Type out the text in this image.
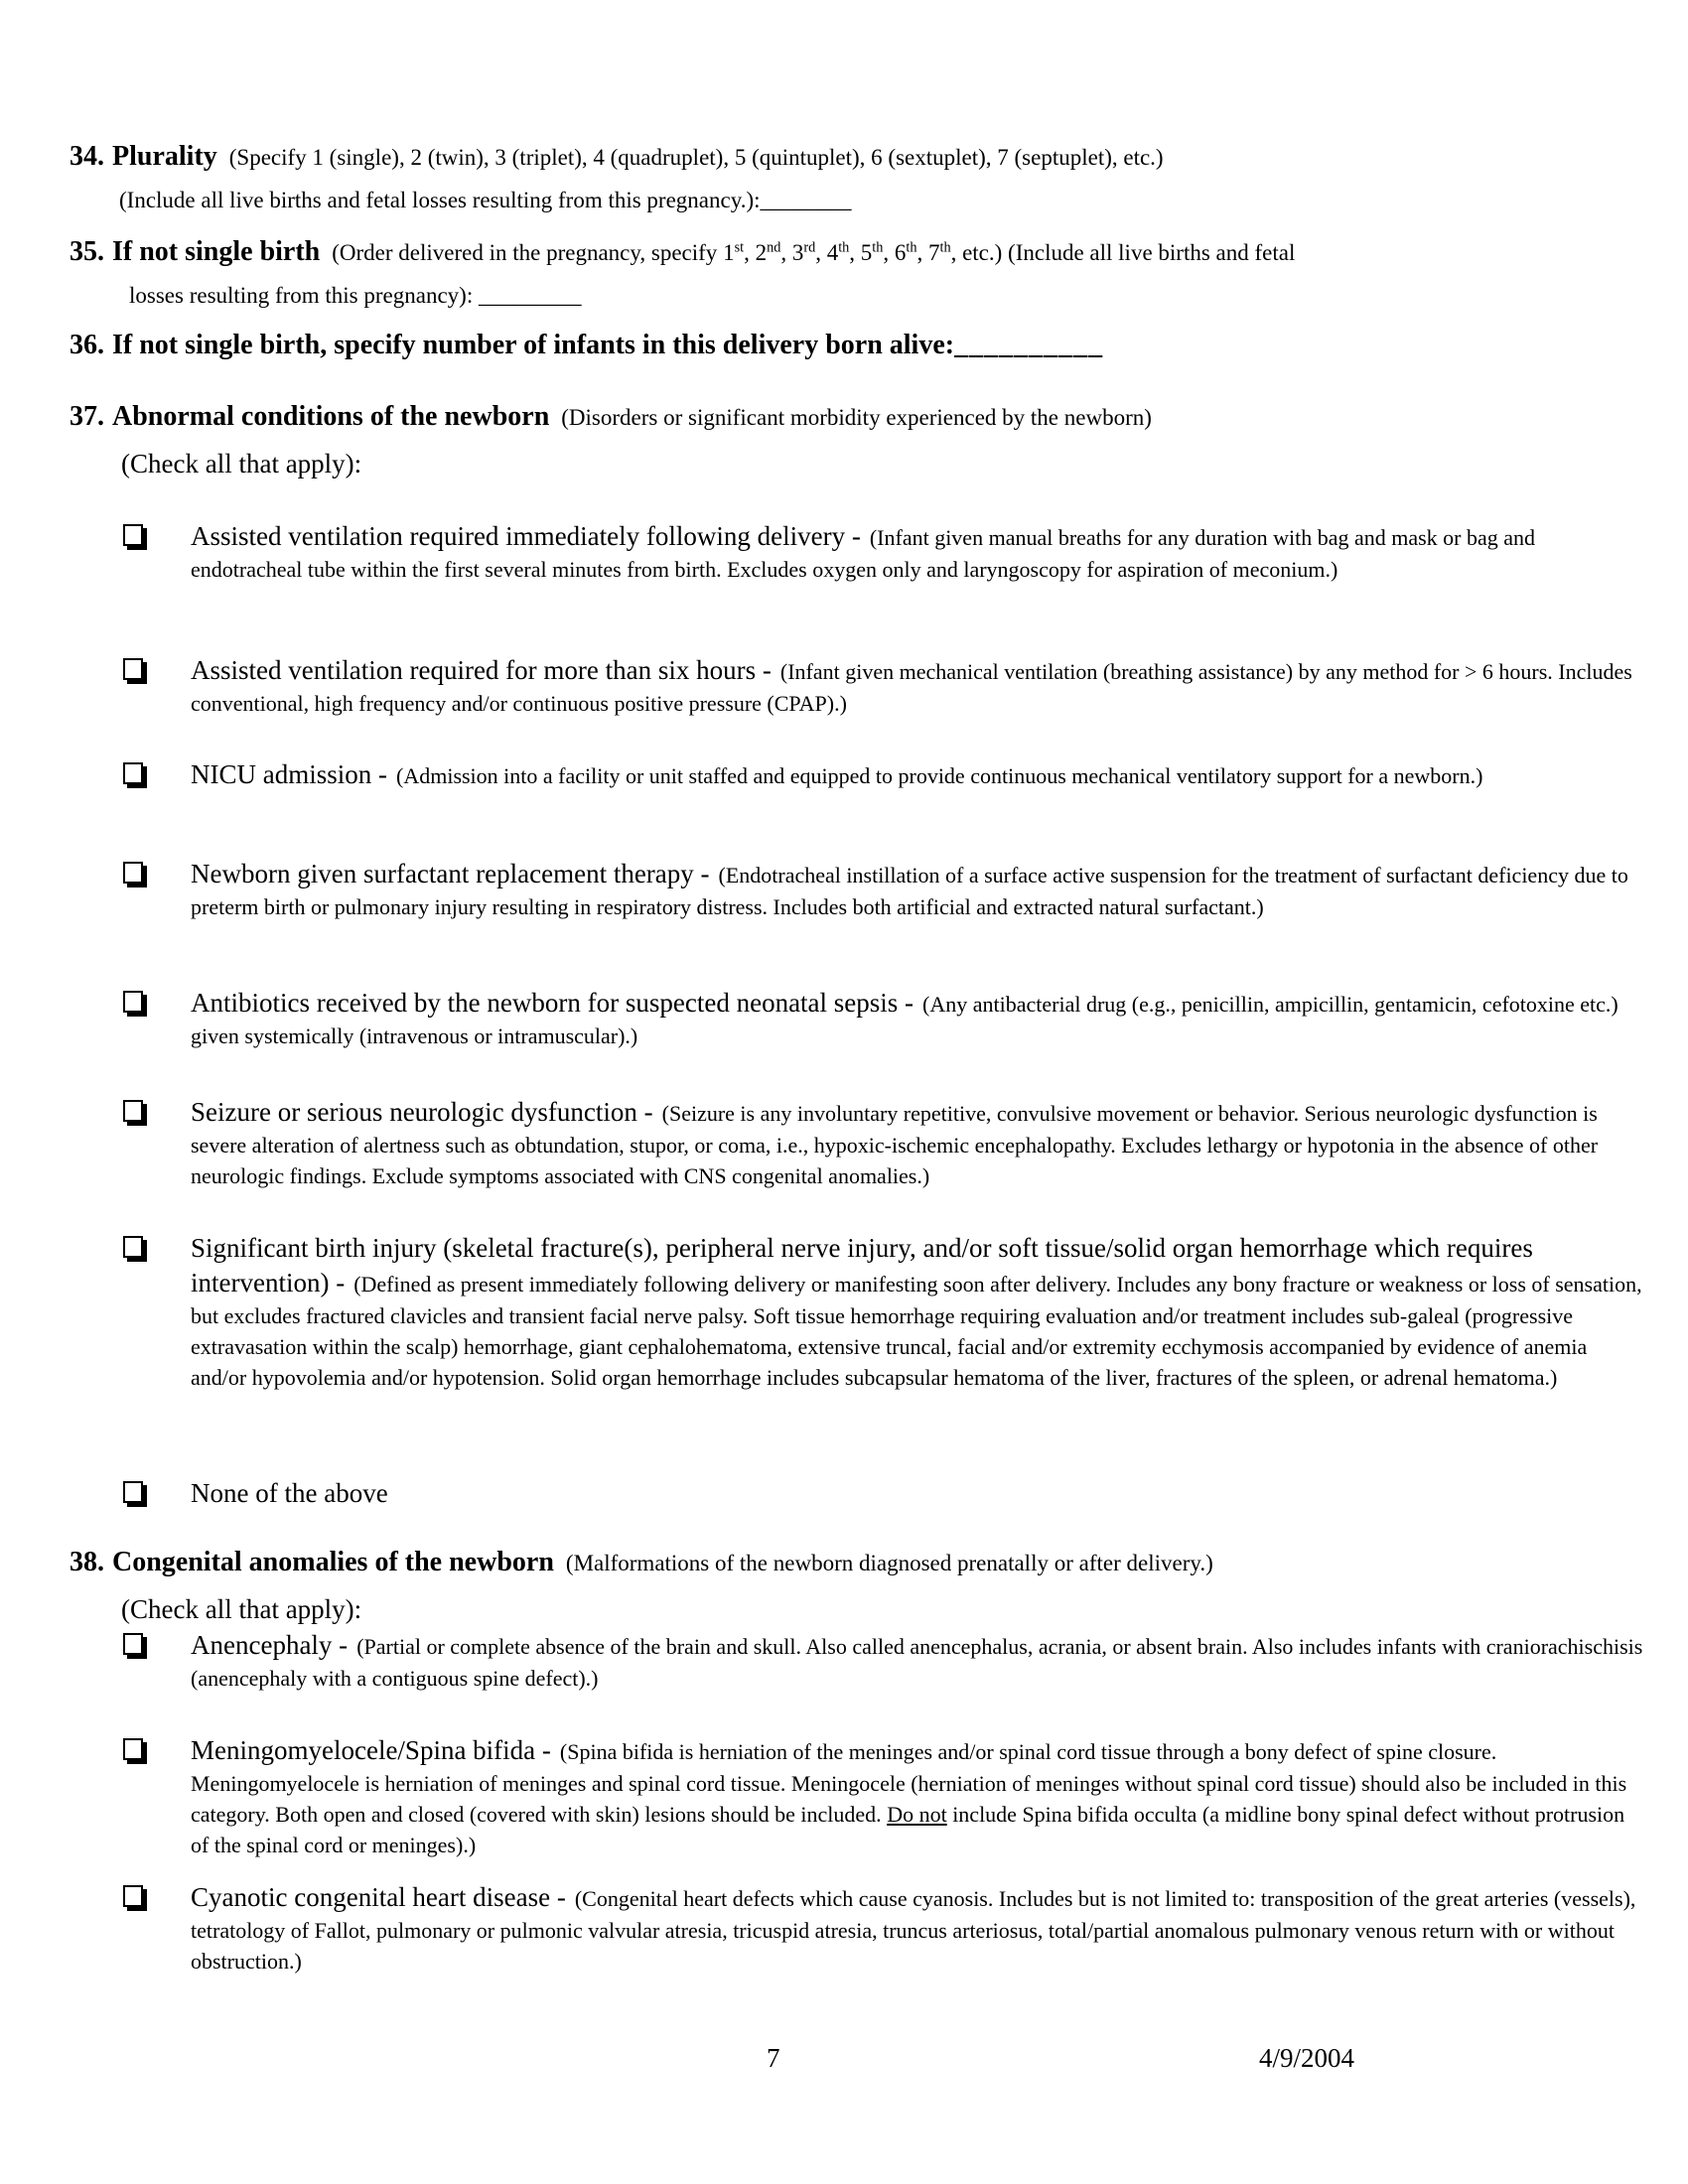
34. Plurality (Specify 1 (single), 2 (twin), 3 (triplet), 4 (quadruplet), 5 (quintuplet), 6 (sextuplet), 7 (septuplet), etc.)
(Include all live births and fetal losses resulting from this pregnancy.):________
35. If not single birth (Order delivered in the pregnancy, specify 1st, 2nd, 3rd, 4th, 5th, 6th, 7th, etc.) (Include all live births and fetal
losses resulting from this pregnancy): _________
36. If not single birth, specify number of infants in this delivery born alive:__________
37. Abnormal conditions of the newborn (Disorders or significant morbidity experienced by the newborn)
(Check all that apply):
Assisted ventilation required immediately following delivery - (Infant given manual breaths for any duration with bag and mask or bag and endotracheal tube within the first several minutes from birth. Excludes oxygen only and laryngoscopy for aspiration of meconium.)
Assisted ventilation required for more than six hours - (Infant given mechanical ventilation (breathing assistance) by any method for > 6 hours. Includes conventional, high frequency and/or continuous positive pressure (CPAP).)
NICU admission - (Admission into a facility or unit staffed and equipped to provide continuous mechanical ventilatory support for a newborn.)
Newborn given surfactant replacement therapy - (Endotracheal instillation of a surface active suspension for the treatment of surfactant deficiency due to preterm birth or pulmonary injury resulting in respiratory distress. Includes both artificial and extracted natural surfactant.)
Antibiotics received by the newborn for suspected neonatal sepsis - (Any antibacterial drug (e.g., penicillin, ampicillin, gentamicin, cefotoxine etc.) given systemically (intravenous or intramuscular).)
Seizure or serious neurologic dysfunction - (Seizure is any involuntary repetitive, convulsive movement or behavior. Serious neurologic dysfunction is severe alteration of alertness such as obtundation, stupor, or coma, i.e., hypoxic-ischemic encephalopathy. Excludes lethargy or hypotonia in the absence of other neurologic findings. Exclude symptoms associated with CNS congenital anomalies.)
Significant birth injury (skeletal fracture(s), peripheral nerve injury, and/or soft tissue/solid organ hemorrhage which requires intervention) - (Defined as present immediately following delivery or manifesting soon after delivery. Includes any bony fracture or weakness or loss of sensation, but excludes fractured clavicles and transient facial nerve palsy. Soft tissue hemorrhage requiring evaluation and/or treatment includes sub-galeal (progressive extravasation within the scalp) hemorrhage, giant cephalohematoma, extensive truncal, facial and/or extremity ecchymosis accompanied by evidence of anemia and/or hypovolemia and/or hypotension. Solid organ hemorrhage includes subcapsular hematoma of the liver, fractures of the spleen, or adrenal hematoma.)
None of the above
38. Congenital anomalies of the newborn (Malformations of the newborn diagnosed prenatally or after delivery.)
(Check all that apply):
Anencephaly - (Partial or complete absence of the brain and skull. Also called anencephalus, acrania, or absent brain. Also includes infants with craniorachischisis (anencephaly with a contiguous spine defect).)
Meningomyelocele/Spina bifida - (Spina bifida is herniation of the meninges and/or spinal cord tissue through a bony defect of spine closure. Meningomyelocele is herniation of meninges and spinal cord tissue. Meningocele (herniation of meninges without spinal cord tissue) should also be included in this category. Both open and closed (covered with skin) lesions should be included. Do not include Spina bifida occulta (a midline bony spinal defect without protrusion of the spinal cord or meninges).)
Cyanotic congenital heart disease - (Congenital heart defects which cause cyanosis. Includes but is not limited to: transposition of the great arteries (vessels), tetratology of Fallot, pulmonary or pulmonic valvular atresia, tricuspid atresia, truncus arteriosus, total/partial anomalous pulmonary venous return with or without obstruction.)
7	4/9/2004
